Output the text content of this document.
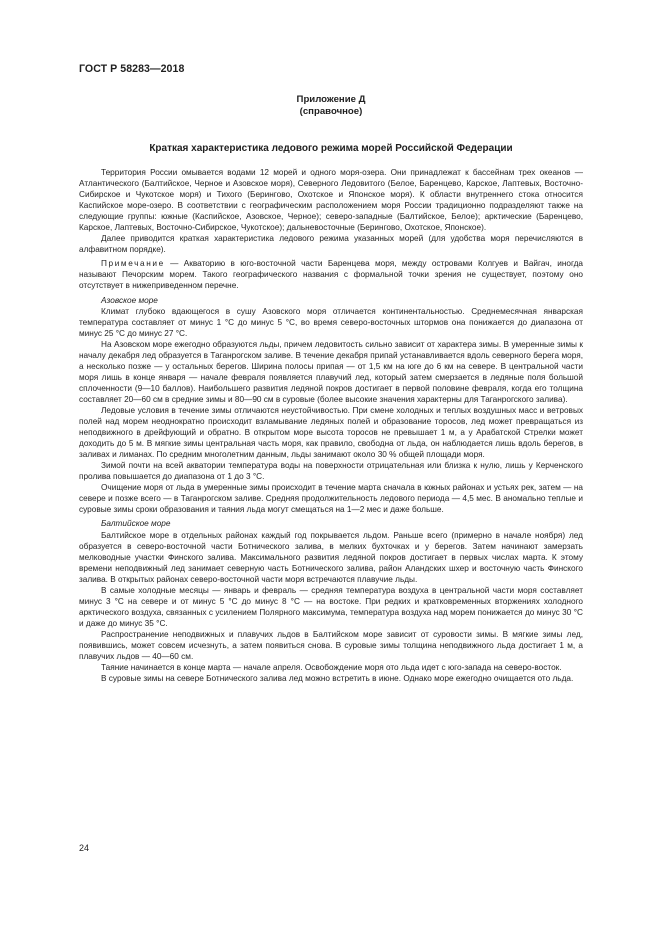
ГОСТ Р 58283—2018
Приложение Д
(справочное)
Краткая характеристика ледового режима морей Российской Федерации

Территория России омывается водами 12 морей и одного моря-озера. Они принадлежат к бассейнам трех океанов — Атлантического (Балтийское, Черное и Азовское моря), Северного Ледовитого (Белое, Баренцево, Карское, Лаптевых, Восточно-Сибирское и Чукотское моря) и Тихого (Берингово, Охотское и Японское моря). К области внутреннего стока относится Каспийское море-озеро. В соответствии с географическим расположением моря России традиционно подразделяют также на следующие группы: южные (Каспийское, Азовское, Черное); северо-западные (Балтийское, Белое); арктические (Баренцево, Карское, Лаптевых, Восточно-Сибирское, Чукотское); дальневосточные (Берингово, Охотское, Японское).

Далее приводится краткая характеристика ледового режима указанных морей (для удобства моря перечисляются в алфавитном порядке).

Примечание — Акваторию в юго-восточной части Баренцева моря, между островами Колгуев и Вайгач, иногда называют Печорским морем. Такого географического названия с формальной точки зрения не существует, поэтому оно отсутствует в нижеприведенном перечне.

Азовское море

Климат глубоко вдающегося в сушу Азовского моря отличается континентальностью. Среднемесячная январская температура составляет от минус 1 °С до минус 5 °С, во время северо-восточных штормов она понижается до диапазона от минус 25 °С до минус 27 °С.

На Азовском море ежегодно образуются льды, причем ледовитость сильно зависит от характера зимы. В умеренные зимы к началу декабря лед образуется в Таганрогском заливе. В течение декабря припай устанавливается вдоль северного берега моря, а несколько позже — у остальных берегов. Ширина полосы припая — от 1,5 км на юге до 6 км на севере. В центральной части моря лишь в конце января — начале февраля появляется плавучий лед, который затем смерзается в ледяные поля большой сплоченности (9—10 баллов). Наибольшего развития ледяной покров достигает в первой половине февраля, когда его толщина составляет 20—60 см в средние зимы и 80—90 см в суровые (более высокие значения характерны для Таганрогского залива).

Ледовые условия в течение зимы отличаются неустойчивостью. При смене холодных и теплых воздушных масс и ветровых полей над морем неоднократно происходит взламывание ледяных полей и образование торосов, лед может превращаться из неподвижного в дрейфующий и обратно. В открытом море высота торосов не превышает 1 м, а у Арабатской Стрелки может доходить до 5 м. В мягкие зимы центральная часть моря, как правило, свободна от льда, он наблюдается лишь вдоль берегов, в заливах и лиманах. По средним многолетним данным, льды занимают около 30 % общей площади моря.

Зимой почти на всей акватории температура воды на поверхности отрицательная или близка к нулю, лишь у Керченского пролива повышается до диапазона от 1 до 3 °С.

Очищение моря от льда в умеренные зимы происходит в течение марта сначала в южных районах и устьях рек, затем — на севере и позже всего — в Таганрогском заливе. Средняя продолжительность ледового периода — 4,5 мес. В аномально теплые и суровые зимы сроки образования и таяния льда могут смещаться на 1—2 мес и даже больше.

Балтийское море

Балтийское море в отдельных районах каждый год покрывается льдом. Раньше всего (примерно в начале ноября) лед образуется в северо-восточной части Ботнического залива, в мелких бухточках и у берегов. Затем начинают замерзать мелководные участки Финского залива. Максимального развития ледяной покров достигает в первых числах марта. К этому времени неподвижный лед занимает северную часть Ботнического залива, район Аландских шхер и восточную часть Финского залива. В открытых районах северо-восточной части моря встречаются плавучие льды.

В самые холодные месяцы — январь и февраль — средняя температура воздуха в центральной части моря составляет минус 3 °С на севере и от минус 5 °С до минус 8 °С — на востоке. При редких и кратковременных вторжениях холодного арктического воздуха, связанных с усилением Полярного максимума, температура воздуха над морем понижается до минус 30 °С и даже до минус 35 °С.

Распространение неподвижных и плавучих льдов в Балтийском море зависит от суровости зимы. В мягкие зимы лед, появившись, может совсем исчезнуть, а затем появиться снова. В суровые зимы толщина неподвижного льда достигает 1 м, а плавучих льдов — 40—60 см.

Таяние начинается в конце марта — начале апреля. Освобождение моря ото льда идет с юго-запада на северо-восток.

В суровые зимы на севере Ботнического залива лед можно встретить в июне. Однако море ежегодно очищается ото льда.

24
